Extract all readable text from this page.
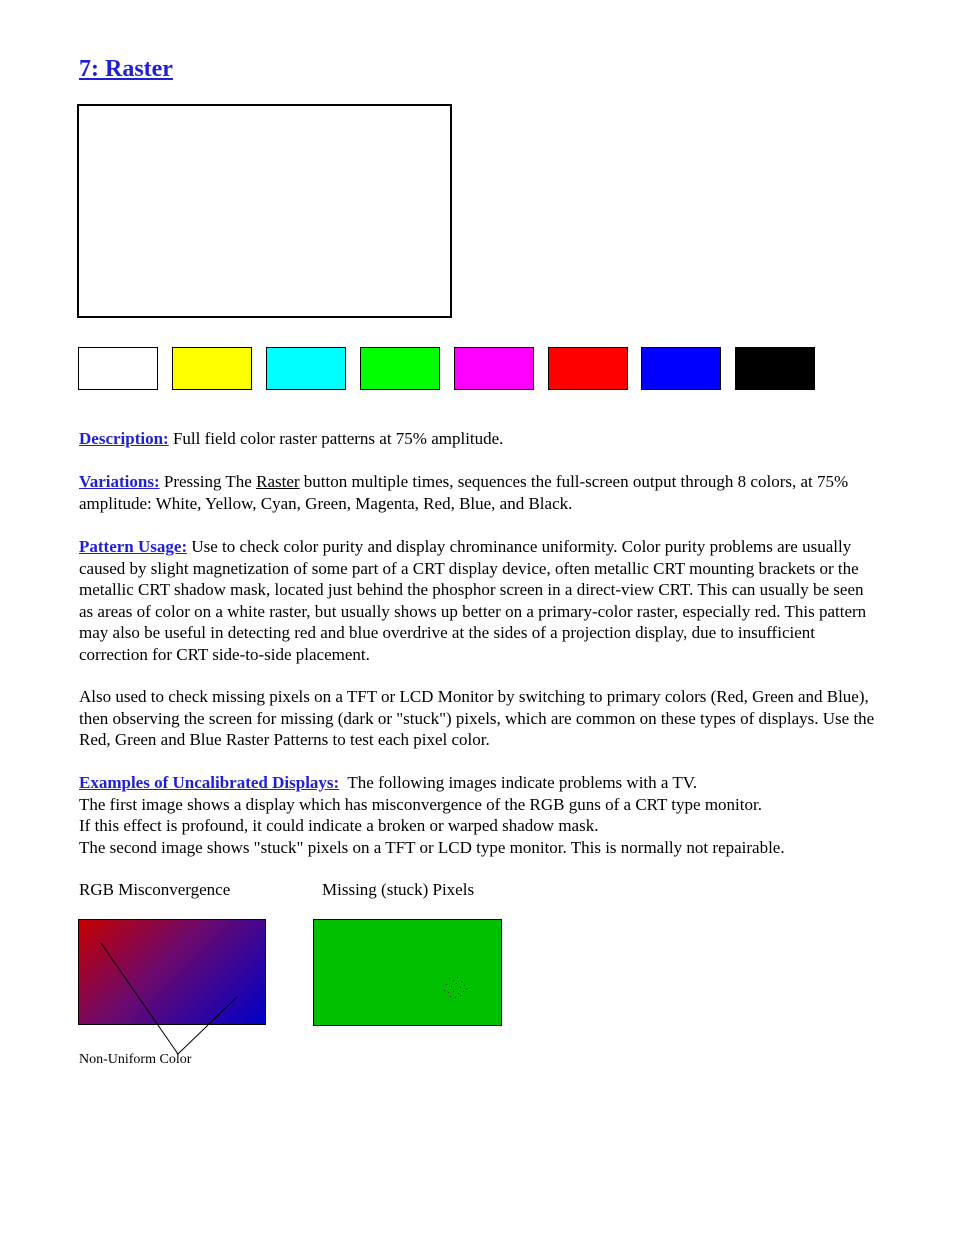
7: Raster
Description: Full field color raster patterns at 75% amplitude.
Variations: Pressing The Raster button multiple times, sequences the full-screen output through 8 colors, at 75% amplitude: White, Yellow, Cyan, Green, Magenta, Red, Blue, and Black.
Pattern Usage: Use to check color purity and display chrominance uniformity. Color purity problems are usually caused by slight magnetization of some part of a CRT display device, often metallic CRT mounting brackets or the metallic CRT shadow mask, located just behind the phosphor screen in a direct-view CRT. This can usually be seen as areas of color on a white raster, but usually shows up better on a primary-color raster, especially red. This pattern may also be useful in detecting red and blue overdrive at the sides of a projection display, due to insufficient correction for CRT side-to-side placement.
Also used to check missing pixels on a TFT or LCD Monitor by switching to primary colors (Red, Green and Blue), then observing the screen for missing (dark or "stuck") pixels, which are common on these types of displays. Use the Red, Green and Blue Raster Patterns to test each pixel color.
Examples of Uncalibrated Displays:  The following images indicate problems with a TV.
The first image shows a display which has misconvergence of the RGB guns of a CRT type monitor.
If this effect is profound, it could indicate a broken or warped shadow mask.
The second image shows "stuck" pixels on a TFT or LCD type monitor. This is normally not repairable.
RGB Misconvergence	Missing (stuck) Pixels
Non-Uniform Color
